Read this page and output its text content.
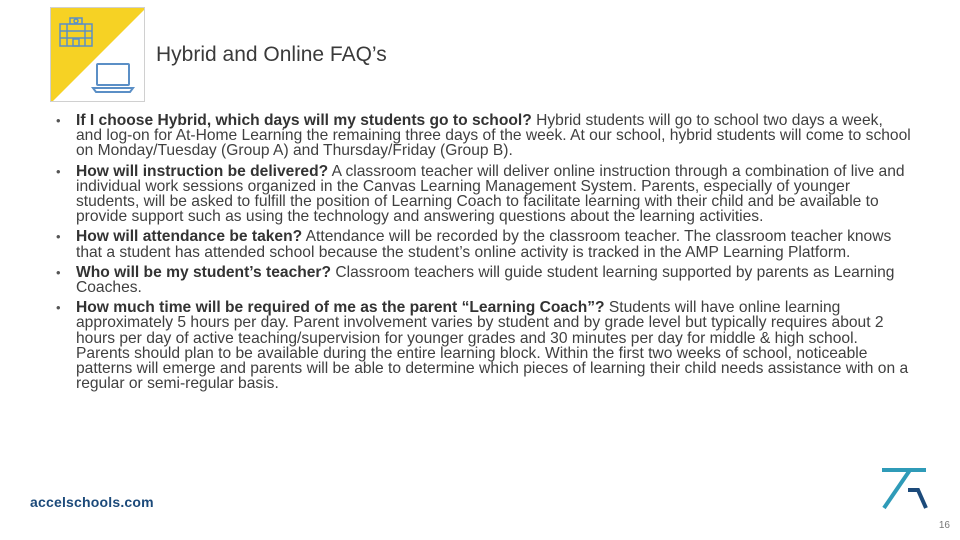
Hybrid and Online FAQ’s
• If I choose Hybrid, which days will my students go to school? Hybrid students will go to school two days a week, and log-on for At-Home Learning the remaining three days of the week. At our school, hybrid students will come to school on Monday/Tuesday (Group A) and Thursday/Friday (Group B).
• How will instruction be delivered? A classroom teacher will deliver online instruction through a combination of live and individual work sessions organized in the Canvas Learning Management System. Parents, especially of younger students, will be asked to fulfill the position of Learning Coach to facilitate learning with their child and be available to provide support such as using the technology and answering questions about the learning activities.
• How will attendance be taken? Attendance will be recorded by the classroom teacher. The classroom teacher knows that a student has attended school because the student’s online activity is tracked in the AMP Learning Platform.
• Who will be my student’s teacher? Classroom teachers will guide student learning supported by parents as Learning Coaches.
• How much time will be required of me as the parent “Learning Coach”? Students will have online learning approximately 5 hours per day. Parent involvement varies by student and by grade level but typically requires about 2 hours per day of active teaching/supervision for younger grades and 30 minutes per day for middle & high school. Parents should plan to be available during the entire learning block. Within the first two weeks of school, noticeable patterns will emerge and parents will be able to determine which pieces of learning their child needs assistance with on a regular or semi-regular basis.
accelschools.com
16
